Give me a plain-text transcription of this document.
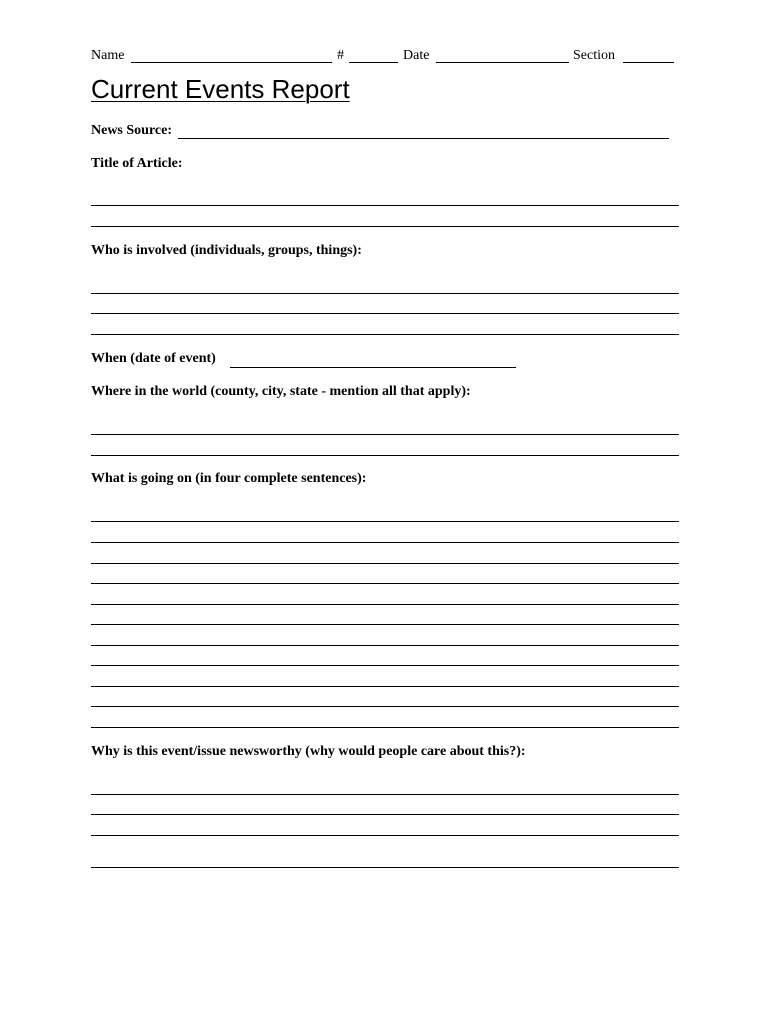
Name	#	Date	Section
Current Events Report
News Source:
Title of Article:
Who is involved (individuals, groups, things):
When (date of event)
Where in the world (county, city, state - mention all that apply):
What is going on (in four complete sentences):
Why is this event/issue newsworthy (why would people care about this?):
